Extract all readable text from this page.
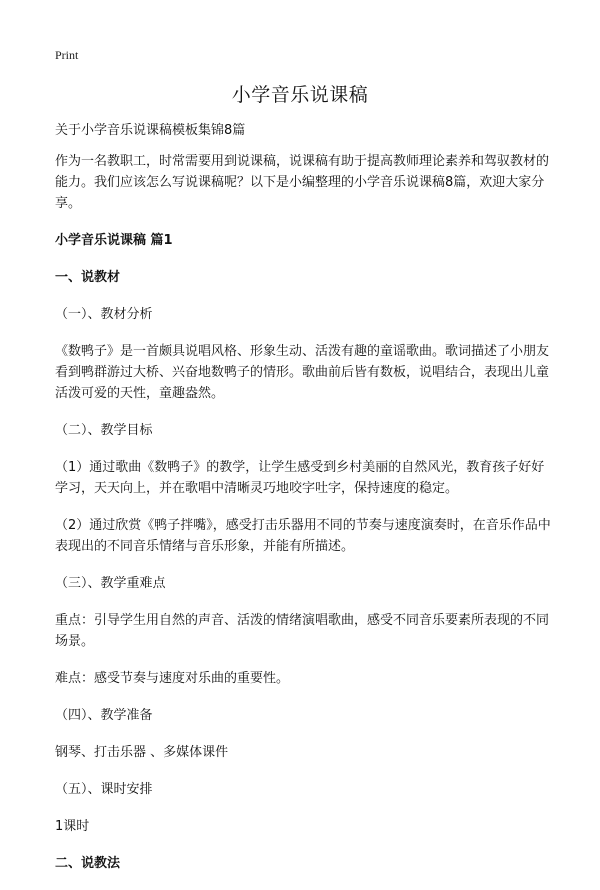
Print
小学音乐说课稿

关于小学音乐说课稿模板集锦8篇

作为一名教职工，时常需要用到说课稿，说课稿有助于提高教师理论素养和驾驭教材的能力。我们应该怎么写说课稿呢？以下是小编整理的小学音乐说课稿8篇，欢迎大家分享。

小学音乐说课稿 篇1

一、说教材

（一）、教材分析

《数鸭子》是一首颇具说唱风格、形象生动、活泼有趣的童谣歌曲。歌词描述了小朋友看到鸭群游过大桥、兴奋地数鸭子的情形。歌曲前后皆有数板，说唱结合，表现出儿童活泼可爱的天性，童趣盎然。

（二）、教学目标

（1）通过歌曲《数鸭子》的教学，让学生感受到乡村美丽的自然风光，教育孩子好好学习，天天向上，并在歌唱中清晰灵巧地咬字吐字，保持速度的稳定。

（2）通过欣赏《鸭子拌嘴》，感受打击乐器用不同的节奏与速度演奏时，在音乐作品中表现出的不同音乐情绪与音乐形象，并能有所描述。

（三）、教学重难点

重点：引导学生用自然的声音、活泼的情绪演唱歌曲，感受不同音乐要素所表现的不同场景。

难点：感受节奏与速度对乐曲的重要性。

（四）、教学准备

钢琴、打击乐器 、多媒体课件

（五）、课时安排

1课时

二、说教法
